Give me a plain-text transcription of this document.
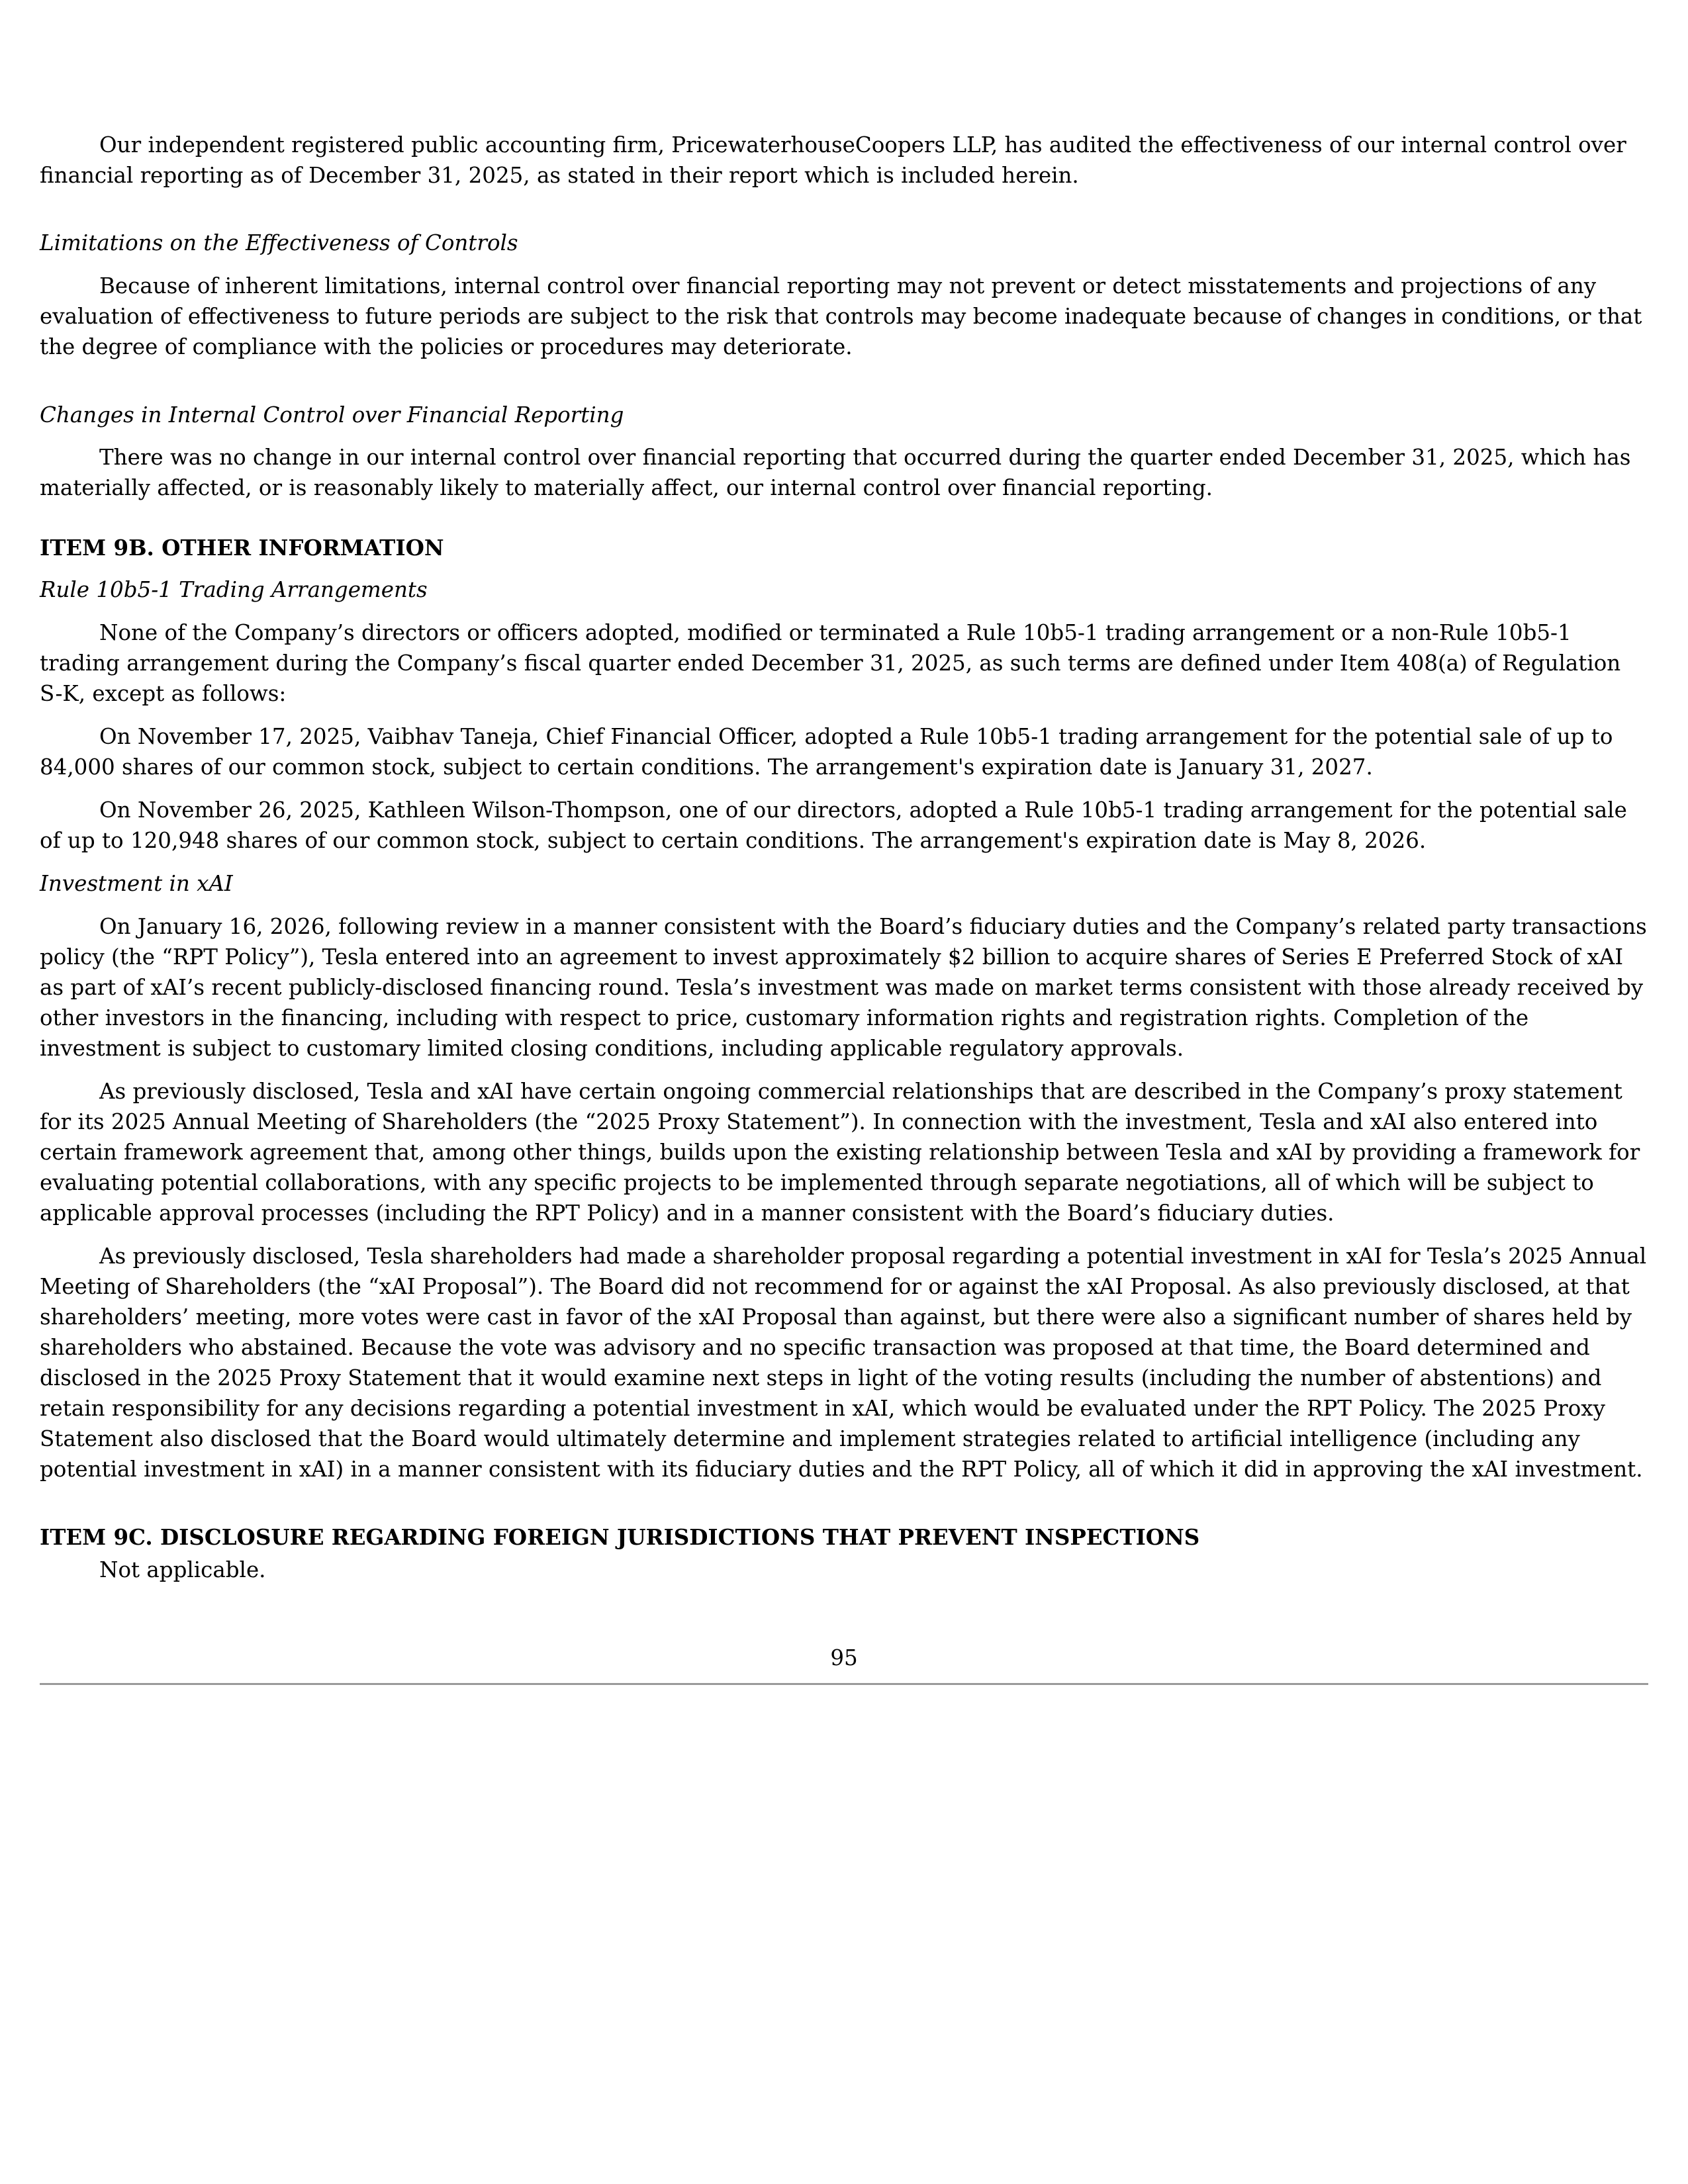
Our independent registered public accounting firm, PricewaterhouseCoopers LLP, has audited the effectiveness of our internal control over financial reporting as of December 31, 2025, as stated in their report which is included herein.

Limitations on the Effectiveness of Controls

Because of inherent limitations, internal control over financial reporting may not prevent or detect misstatements and projections of any evaluation of effectiveness to future periods are subject to the risk that controls may become inadequate because of changes in conditions, or that the degree of compliance with the policies or procedures may deteriorate.

Changes in Internal Control over Financial Reporting

There was no change in our internal control over financial reporting that occurred during the quarter ended December 31, 2025, which has materially affected, or is reasonably likely to materially affect, our internal control over financial reporting.

ITEM 9B. OTHER INFORMATION

Rule 10b5-1 Trading Arrangements

None of the Company’s directors or officers adopted, modified or terminated a Rule 10b5-1 trading arrangement or a non-Rule 10b5-1 trading arrangement during the Company’s fiscal quarter ended December 31, 2025, as such terms are defined under Item 408(a) of Regulation S-K, except as follows:

On November 17, 2025, Vaibhav Taneja, Chief Financial Officer, adopted a Rule 10b5-1 trading arrangement for the potential sale of up to 84,000 shares of our common stock, subject to certain conditions. The arrangement's expiration date is January 31, 2027.

On November 26, 2025, Kathleen Wilson-Thompson, one of our directors, adopted a Rule 10b5-1 trading arrangement for the potential sale of up to 120,948 shares of our common stock, subject to certain conditions. The arrangement's expiration date is May 8, 2026.

Investment in xAI

On January 16, 2026, following review in a manner consistent with the Board’s fiduciary duties and the Company’s related party transactions policy (the “RPT Policy”), Tesla entered into an agreement to invest approximately $2 billion to acquire shares of Series E Preferred Stock of xAI as part of xAI’s recent publicly-disclosed financing round. Tesla’s investment was made on market terms consistent with those already received by other investors in the financing, including with respect to price, customary information rights and registration rights. Completion of the investment is subject to customary limited closing conditions, including applicable regulatory approvals.

As previously disclosed, Tesla and xAI have certain ongoing commercial relationships that are described in the Company’s proxy statement for its 2025 Annual Meeting of Shareholders (the “2025 Proxy Statement”). In connection with the investment, Tesla and xAI also entered into certain framework agreement that, among other things, builds upon the existing relationship between Tesla and xAI by providing a framework for evaluating potential collaborations, with any specific projects to be implemented through separate negotiations, all of which will be subject to applicable approval processes (including the RPT Policy) and in a manner consistent with the Board’s fiduciary duties.

As previously disclosed, Tesla shareholders had made a shareholder proposal regarding a potential investment in xAI for Tesla’s 2025 Annual Meeting of Shareholders (the “xAI Proposal”). The Board did not recommend for or against the xAI Proposal. As also previously disclosed, at that shareholders’ meeting, more votes were cast in favor of the xAI Proposal than against, but there were also a significant number of shares held by shareholders who abstained. Because the vote was advisory and no specific transaction was proposed at that time, the Board determined and disclosed in the 2025 Proxy Statement that it would examine next steps in light of the voting results (including the number of abstentions) and retain responsibility for any decisions regarding a potential investment in xAI, which would be evaluated under the RPT Policy. The 2025 Proxy Statement also disclosed that the Board would ultimately determine and implement strategies related to artificial intelligence (including any potential investment in xAI) in a manner consistent with its fiduciary duties and the RPT Policy, all of which it did in approving the xAI investment.

ITEM 9C. DISCLOSURE REGARDING FOREIGN JURISDICTIONS THAT PREVENT INSPECTIONS

Not applicable.

95
